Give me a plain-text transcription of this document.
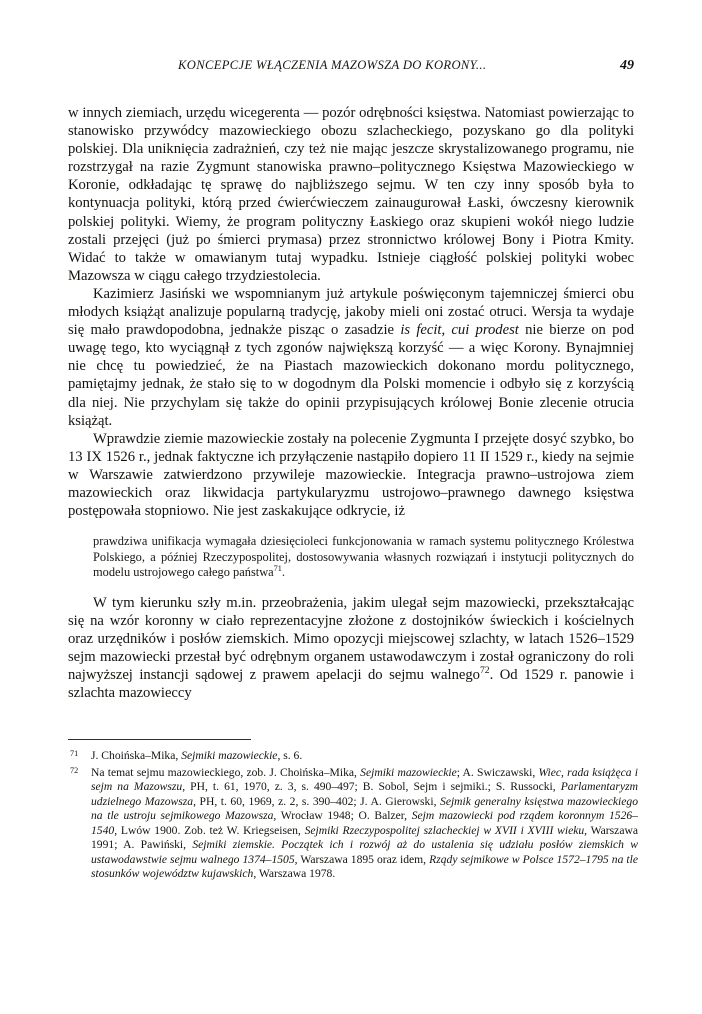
KONCEPCJE WŁĄCZENIA MAZOWSZA DO KORONY...	49

w innych ziemiach, urzędu wicegerenta — pozór odrębności księstwa. Natomiast powierzając to stanowisko przywódcy mazowieckiego obozu szlacheckiego, pozyskano go dla polityki polskiej. Dla uniknięcia zadrażnień, czy też nie mając jeszcze skrystalizowanego programu, nie rozstrzygał na razie Zygmunt stanowiska prawno–politycznego Księstwa Mazowieckiego w Koronie, odkładając tę sprawę do najbliższego sejmu. W ten czy inny sposób była to kontynuacja polityki, którą przed ćwierćwieczem zainaugurował Łaski, ówczesny kierownik polskiej polityki. Wiemy, że program polityczny Łaskiego oraz skupieni wokół niego ludzie zostali przejęci (już po śmierci prymasa) przez stronnictwo królowej Bony i Piotra Kmity. Widać to także w omawianym tutaj wypadku. Istnieje ciągłość polskiej polityki wobec Mazowsza w ciągu całego trzydziestolecia.

Kazimierz Jasiński we wspomnianym już artykule poświęconym tajemniczej śmierci obu młodych książąt analizuje popularną tradycję, jakoby mieli oni zostać otruci. Wersja ta wydaje się mało prawdopodobna, jednakże pisząc o zasadzie is fecit, cui prodest nie bierze on pod uwagę tego, kto wyciągnął z tych zgonów największą korzyść — a więc Korony. Bynajmniej nie chcę tu powiedzieć, że na Piastach mazowieckich dokonano mordu politycznego, pamiętajmy jednak, że stało się to w dogodnym dla Polski momencie i odbyło się z korzyścią dla niej. Nie przychylam się także do opinii przypisujących królowej Bonie zlecenie otrucia książąt.

Wprawdzie ziemie mazowieckie zostały na polecenie Zygmunta I przejęte dosyć szybko, bo 13 IX 1526 r., jednak faktyczne ich przyłączenie nastąpiło dopiero 11 II 1529 r., kiedy na sejmie w Warszawie zatwierdzono przywileje mazowieckie. Integracja prawno–ustrojowa ziem mazowieckich oraz likwidacja partykularyzmu ustrojowo–prawnego dawnego księstwa postępowała stopniowo. Nie jest zaskakujące odkrycie, iż

prawdziwa unifikacja wymagała dziesięcioleci funkcjonowania w ramach systemu politycznego Królestwa Polskiego, a później Rzeczypospolitej, dostosowywania własnych rozwiązań i instytucji politycznych do modelu ustrojowego całego państwa$^{71}$.

W tym kierunku szły m.in. przeobrażenia, jakim ulegał sejm mazowiecki, przekształcając się na wzór koronny w ciało reprezentacyjne złożone z dostojników świeckich i kościelnych oraz urzędników i posłów ziemskich. Mimo opozycji miejscowej szlachty, w latach 1526–1529 sejm mazowiecki przestał być odrębnym organem ustawodawczym i został ograniczony do roli najwyższej instancji sądowej z prawem apelacji do sejmu walnego$^{72}$. Od 1529 r. panowie i szlachta mazowieccy

71 J. Choińska–Mika, Sejmiki mazowieckie, s. 6.
72 Na temat sejmu mazowieckiego, zob. J. Choińska–Mika, Sejmiki mazowieckie; A. Swiczawski, Wiec, rada książęca i sejm na Mazowszu, PH, t. 61, 1970, z. 3, s. 490–497; B. Sobol, Sejm i sejmiki.; S. Russocki, Parlamentaryzm udzielnego Mazowsza, PH, t. 60, 1969, z. 2, s. 390–402; J. A. Gierowski, Sejmik generalny księstwa mazowieckiego na tle ustroju sejmikowego Mazowsza, Wrocław 1948; O. Balzer, Sejm mazowiecki pod rządem koronnym 1526–1540, Lwów 1900. Zob. też W. Kriegseisen, Sejmiki Rzeczypospolitej szlacheckiej w XVII i XVIII wieku, Warszawa 1991; A. Pawiński, Sejmiki ziemskie. Początek ich i rozwój aż do ustalenia się udziału posłów ziemskich w ustawodawstwie sejmu walnego 1374–1505, Warszawa 1895 oraz idem, Rządy sejmikowe w Polsce 1572–1795 na tle stosunków województw kujawskich, Warszawa 1978.
